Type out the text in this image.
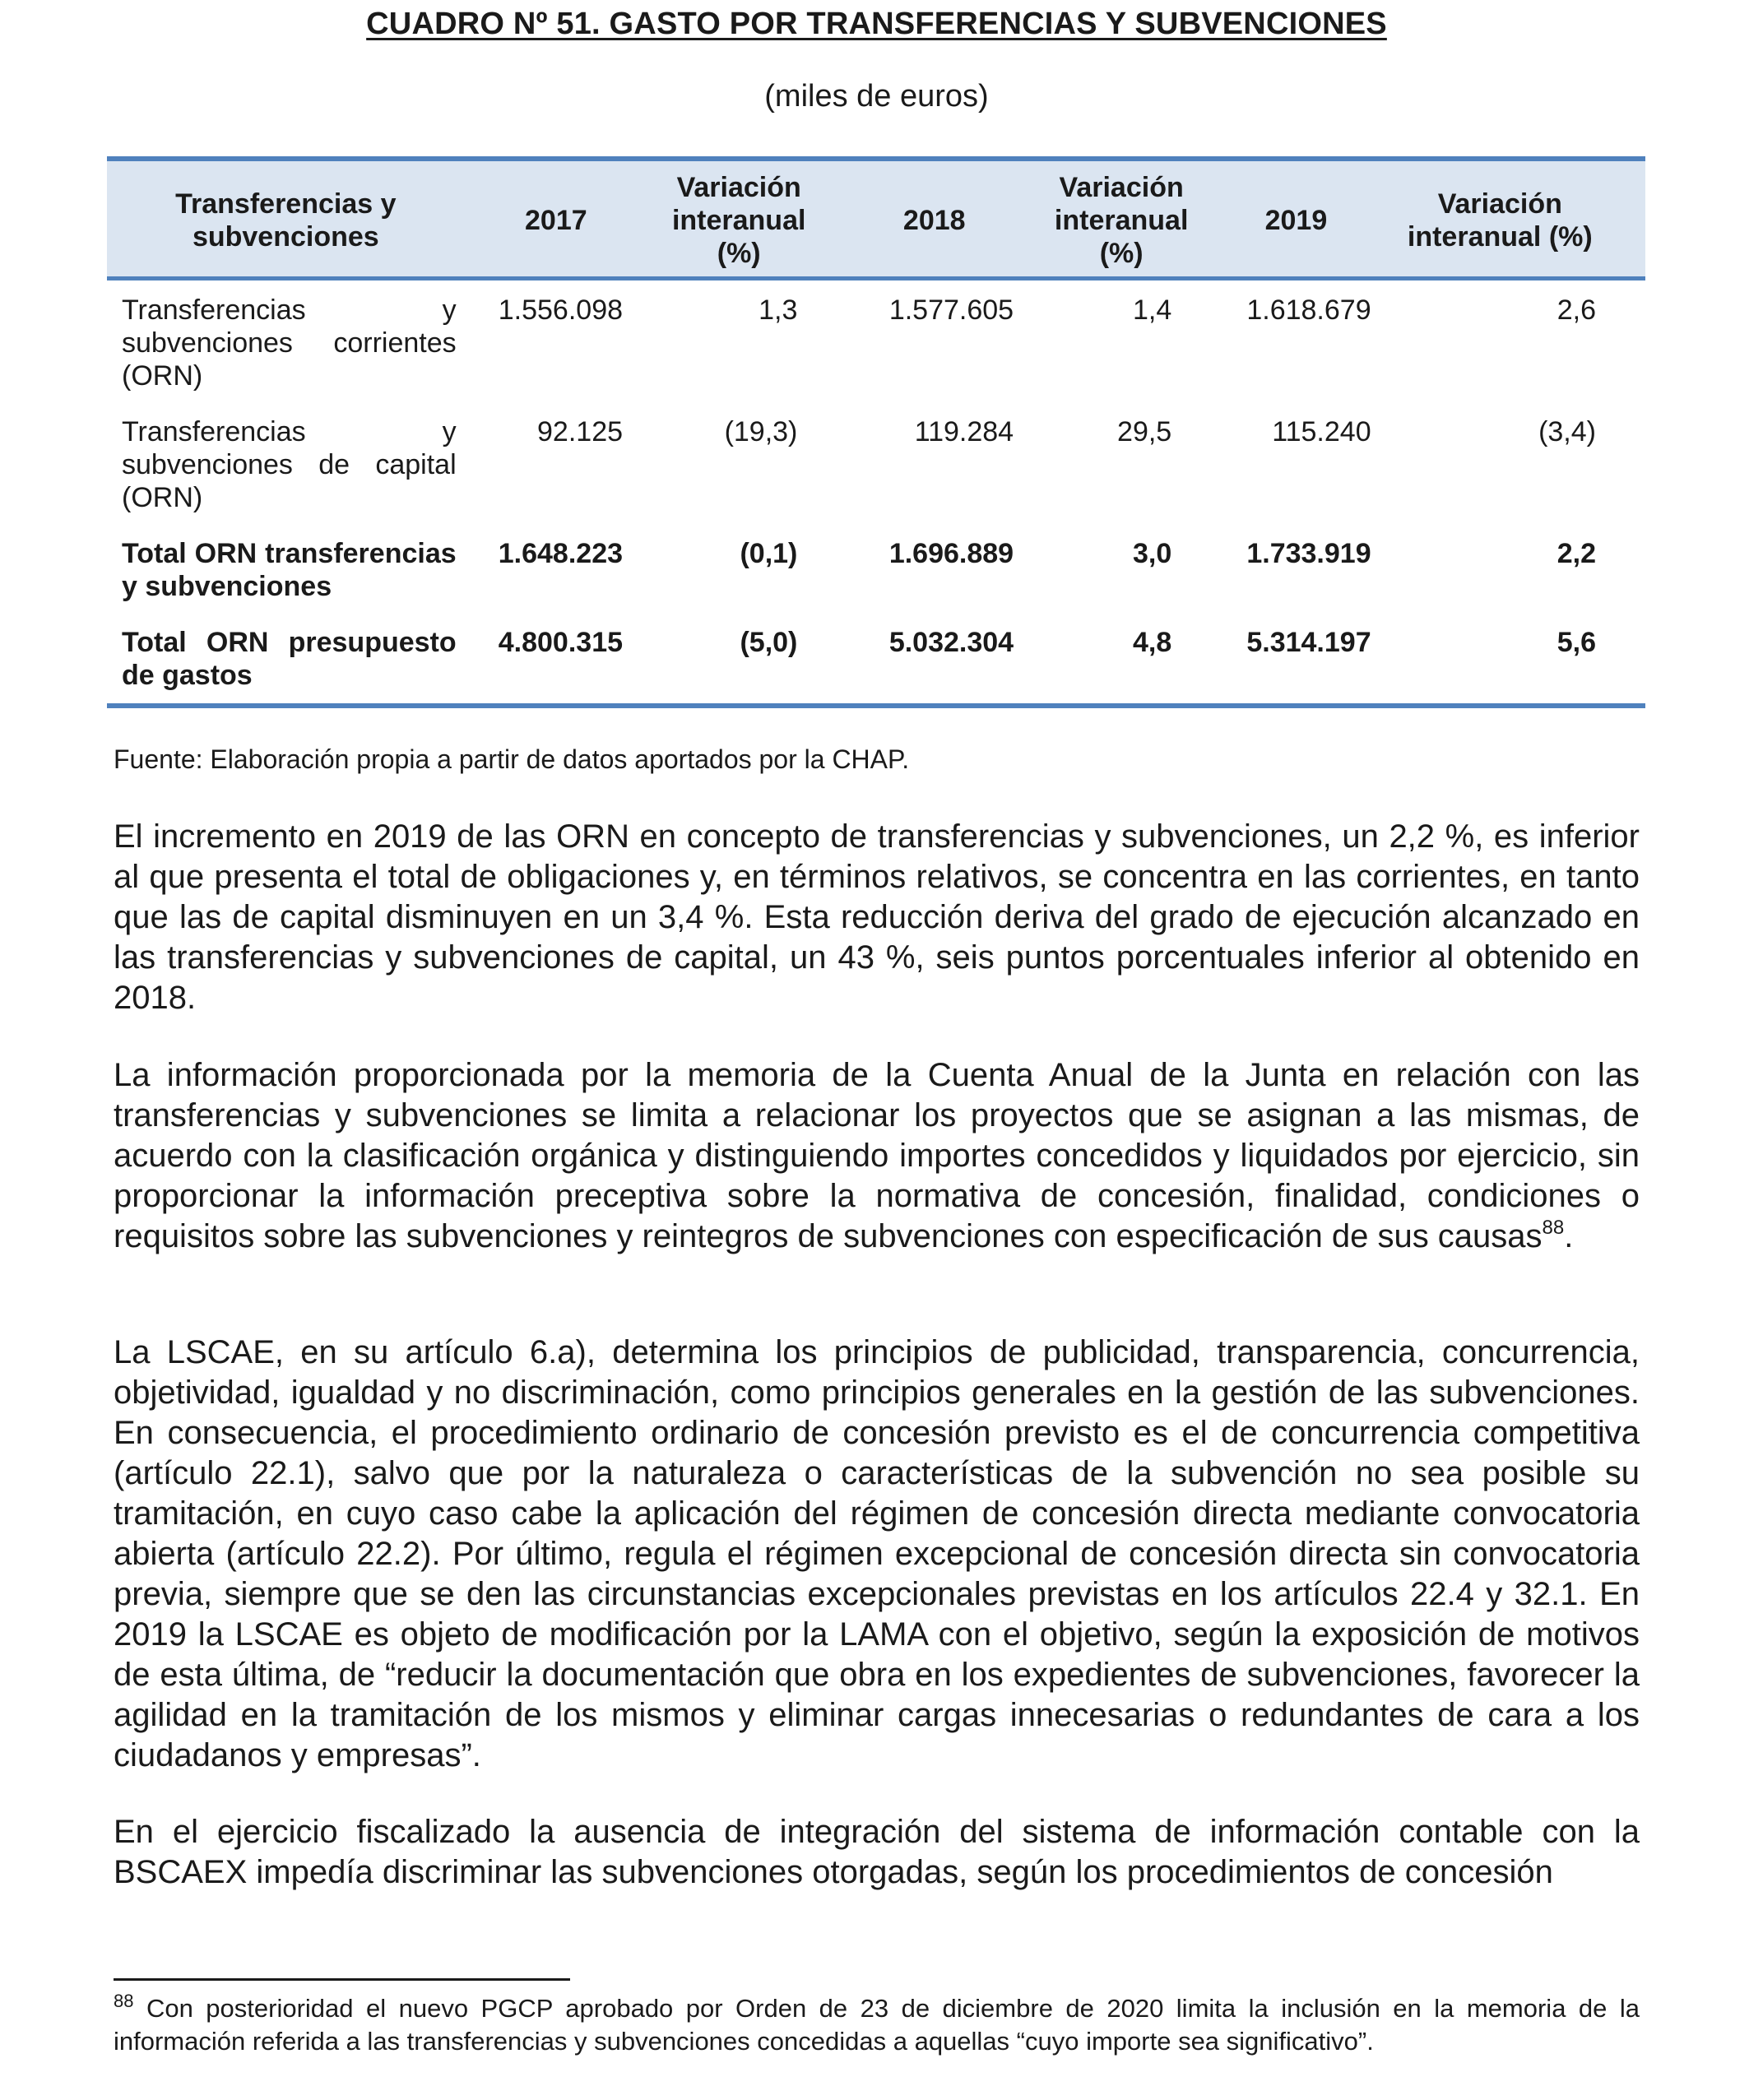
CUADRO Nº 51. GASTO POR TRANSFERENCIAS Y SUBVENCIONES
(miles de euros)
Transferencias y subvenciones	2017	Variación interanual (%)	2018	Variación interanual (%)	2019	Variación interanual (%)
Transferencias y subvenciones corrientes (ORN)	1.556.098	1,3	1.577.605	1,4	1.618.679	2,6
Transferencias y subvenciones de capital (ORN)	92.125	(19,3)	119.284	29,5	115.240	(3,4)
Total ORN transferencias y subvenciones	1.648.223	(0,1)	1.696.889	3,0	1.733.919	2,2
Total ORN presupuesto de gastos	4.800.315	(5,0)	5.032.304	4,8	5.314.197	5,6
Fuente: Elaboración propia a partir de datos aportados por la CHAP.

El incremento en 2019 de las ORN en concepto de transferencias y subvenciones, un 2,2 %, es inferior al que presenta el total de obligaciones y, en términos relativos, se concentra en las corrientes, en tanto que las de capital disminuyen en un 3,4 %. Esta reducción deriva del grado de ejecución alcanzado en las transferencias y subvenciones de capital, un 43 %, seis puntos porcentuales inferior al obtenido en 2018.

La información proporcionada por la memoria de la Cuenta Anual de la Junta en relación con las transferencias y subvenciones se limita a relacionar los proyectos que se asignan a las mismas, de acuerdo con la clasificación orgánica y distinguiendo importes concedidos y liquidados por ejercicio, sin proporcionar la información preceptiva sobre la normativa de concesión, finalidad, condiciones o requisitos sobre las subvenciones y reintegros de subvenciones con especificación de sus causas$^{88}$.

La LSCAE, en su artículo 6.a), determina los principios de publicidad, transparencia, concurrencia, objetividad, igualdad y no discriminación, como principios generales en la gestión de las subvenciones. En consecuencia, el procedimiento ordinario de concesión previsto es el de concurrencia competitiva (artículo 22.1), salvo que por la naturaleza o características de la subvención no sea posible su tramitación, en cuyo caso cabe la aplicación del régimen de concesión directa mediante convocatoria abierta (artículo 22.2). Por último, regula el régimen excepcional de concesión directa sin convocatoria previa, siempre que se den las circunstancias excepcionales previstas en los artículos 22.4 y 32.1. En 2019 la LSCAE es objeto de modificación por la LAMA con el objetivo, según la exposición de motivos de esta última, de “reducir la documentación que obra en los expedientes de subvenciones, favorecer la agilidad en la tramitación de los mismos y eliminar cargas innecesarias o redundantes de cara a los ciudadanos y empresas”.

En el ejercicio fiscalizado la ausencia de integración del sistema de información contable con la BSCAEX impedía discriminar las subvenciones otorgadas, según los procedimientos de concesión

$^{88}$ Con posterioridad el nuevo PGCP aprobado por Orden de 23 de diciembre de 2020 limita la inclusión en la memoria de la información referida a las transferencias y subvenciones concedidas a aquellas “cuyo importe sea significativo”.
